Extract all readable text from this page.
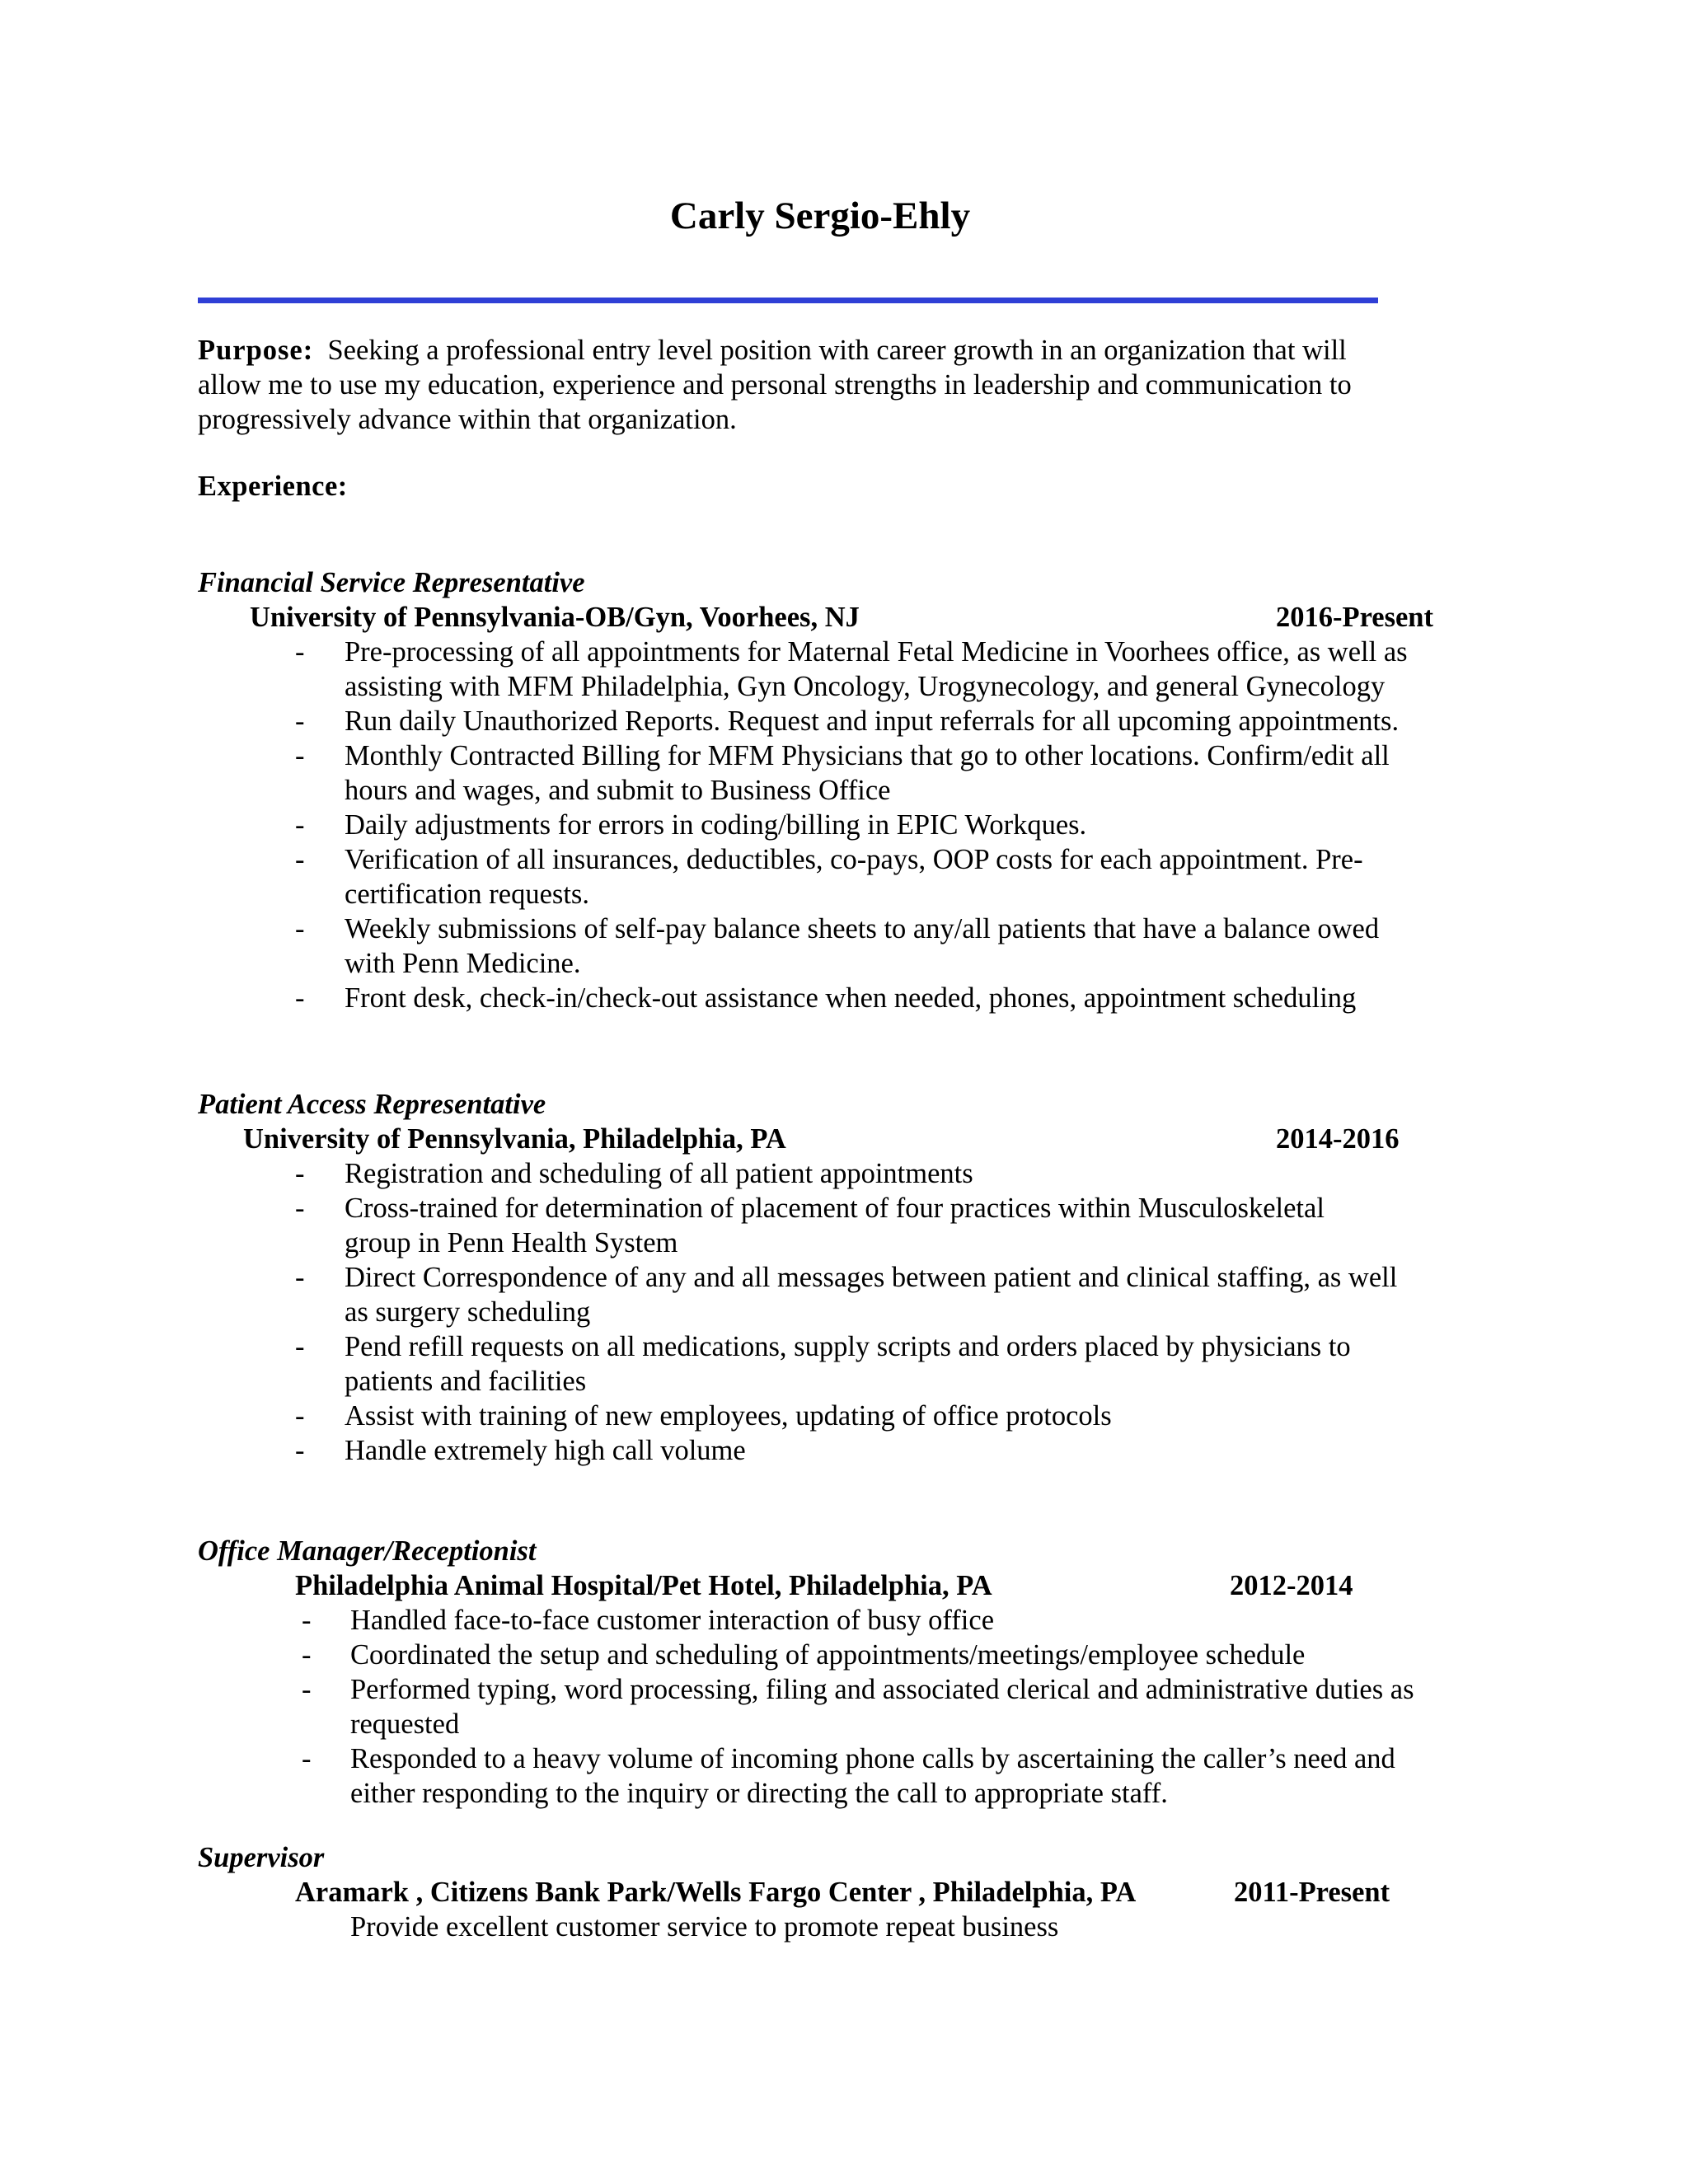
Carly Sergio-Ehly
Purpose: Seeking a professional entry level position with career growth in an organization that will
allow me to use my education, experience and personal strengths in leadership and communication to
progressively advance within that organization.
Experience:
Financial Service Representative
University of Pennsylvania-OB/Gyn, Voorhees, NJ	2016-Present
- Pre-processing of all appointments for Maternal Fetal Medicine in Voorhees office, as well as
assisting with MFM Philadelphia, Gyn Oncology, Urogynecology, and general Gynecology
- Run daily Unauthorized Reports. Request and input referrals for all upcoming appointments.
- Monthly Contracted Billing for MFM Physicians that go to other locations. Confirm/edit all
hours and wages, and submit to Business Office
- Daily adjustments for errors in coding/billing in EPIC Workques.
- Verification of all insurances, deductibles, co-pays, OOP costs for each appointment. Pre-
certification requests.
- Weekly submissions of self-pay balance sheets to any/all patients that have a balance owed
with Penn Medicine.
- Front desk, check-in/check-out assistance when needed, phones, appointment scheduling
Patient Access Representative
University of Pennsylvania, Philadelphia, PA	2014-2016
- Registration and scheduling of all patient appointments
- Cross-trained for determination of placement of four practices within Musculoskeletal
group in Penn Health System
- Direct Correspondence of any and all messages between patient and clinical staffing, as well
as surgery scheduling
- Pend refill requests on all medications, supply scripts and orders placed by physicians to
patients and facilities
- Assist with training of new employees, updating of office protocols
- Handle extremely high call volume
Office Manager/Receptionist
Philadelphia Animal Hospital/Pet Hotel, Philadelphia, PA	2012-2014
- Handled face-to-face customer interaction of busy office
- Coordinated the setup and scheduling of appointments/meetings/employee schedule
- Performed typing, word processing, filing and associated clerical and administrative duties as
requested
- Responded to a heavy volume of incoming phone calls by ascertaining the caller’s need and
either responding to the inquiry or directing the call to appropriate staff.
Supervisor
Aramark , Citizens Bank Park/Wells Fargo Center , Philadelphia, PA	2011-Present
Provide excellent customer service to promote repeat business
